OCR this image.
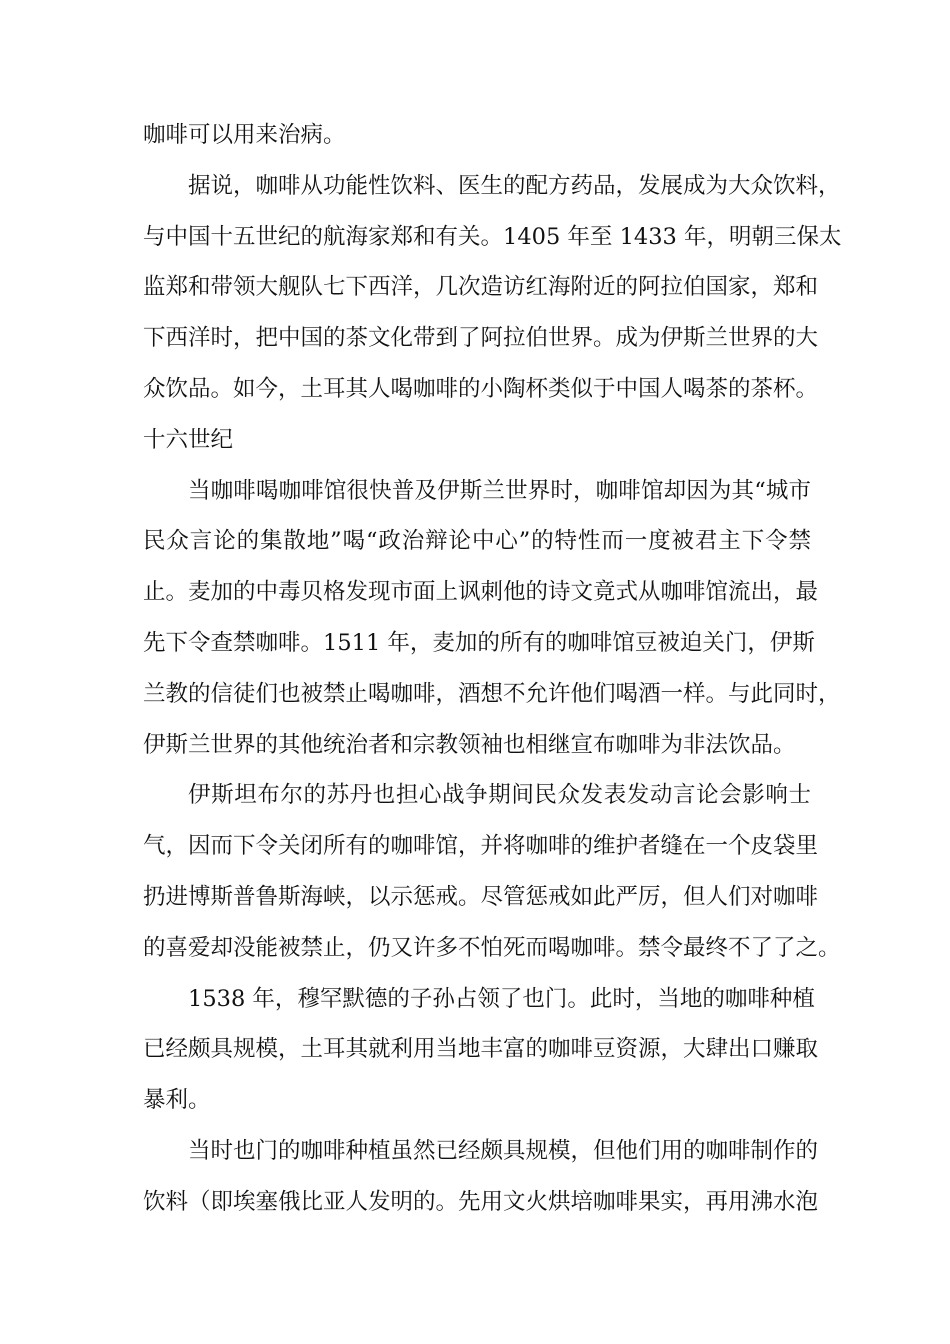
咖啡可以用来治病。
据说，咖啡从功能性饮料、医生的配方药品，发展成为大众饮料，
与中国十五世纪的航海家郑和有关。1405 年至 1433 年，明朝三保太
监郑和带领大舰队七下西洋，几次造访红海附近的阿拉伯国家，郑和
下西洋时，把中国的茶文化带到了阿拉伯世界。成为伊斯兰世界的大
众饮品。如今，土耳其人喝咖啡的小陶杯类似于中国人喝茶的茶杯。
十六世纪
当咖啡喝咖啡馆很快普及伊斯兰世界时，咖啡馆却因为其“城市
民众言论的集散地”喝“政治辩论中心”的特性而一度被君主下令禁
止。麦加的中毒贝格发现市面上讽刺他的诗文竟式从咖啡馆流出，最
先下令查禁咖啡。1511 年，麦加的所有的咖啡馆豆被迫关门，伊斯
兰教的信徒们也被禁止喝咖啡，酒想不允许他们喝酒一样。与此同时，
伊斯兰世界的其他统治者和宗教领袖也相继宣布咖啡为非法饮品。
伊斯坦布尔的苏丹也担心战争期间民众发表发动言论会影响士
气，因而下令关闭所有的咖啡馆，并将咖啡的维护者缝在一个皮袋里
扔进博斯普鲁斯海峡，以示惩戒。尽管惩戒如此严厉，但人们对咖啡
的喜爱却没能被禁止，仍又许多不怕死而喝咖啡。禁令最终不了了之。
1538 年，穆罕默德的子孙占领了也门。此时，当地的咖啡种植
已经颇具规模，土耳其就利用当地丰富的咖啡豆资源，大肆出口赚取
暴利。
当时也门的咖啡种植虽然已经颇具规模，但他们用的咖啡制作的
饮料（即埃塞俄比亚人发明的。先用文火烘培咖啡果实，再用沸水泡
